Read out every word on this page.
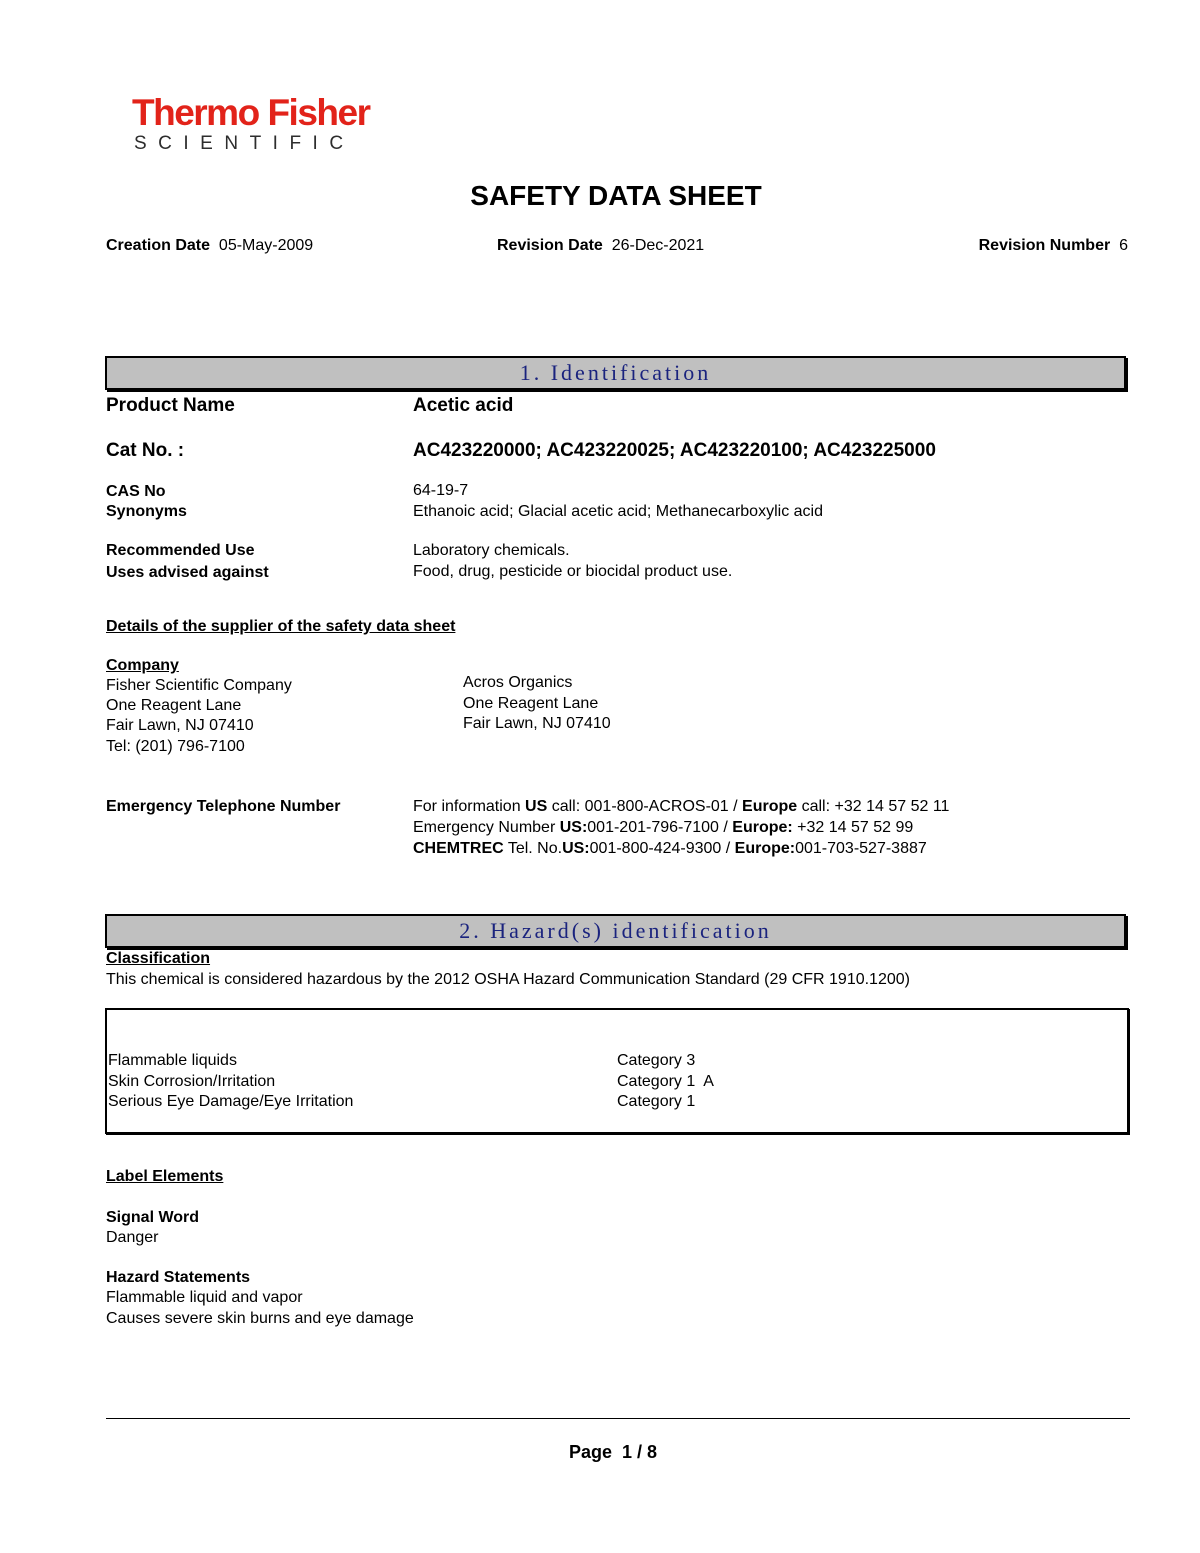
Thermo Fisher
SCIENTIFIC
SAFETY DATA SHEET
Creation Date 05-May-2009	Revision Date 26-Dec-2021	Revision Number 6
1. Identification
Product Name	Acetic acid
Cat No. :	AC423220000; AC423220025; AC423220100; AC423225000
CAS No	64-19-7
Synonyms	Ethanoic acid; Glacial acetic acid; Methanecarboxylic acid
Recommended Use	Laboratory chemicals.
Uses advised against	Food, drug, pesticide or biocidal product use.
Details of the supplier of the safety data sheet
Company
Fisher Scientific Company
One Reagent Lane
Fair Lawn, NJ 07410
Tel: (201) 796-7100
Acros Organics
One Reagent Lane
Fair Lawn, NJ 07410
Emergency Telephone Number	For information US call: 001-800-ACROS-01 / Europe call: +32 14 57 52 11
Emergency Number US:001-201-796-7100 / Europe: +32 14 57 52 99
CHEMTREC Tel. No.US:001-800-424-9300 / Europe:001-703-527-3887
2. Hazard(s) identification
Classification
This chemical is considered hazardous by the 2012 OSHA Hazard Communication Standard (29 CFR 1910.1200)
Flammable liquids	Category 3
Skin Corrosion/Irritation	Category 1  A
Serious Eye Damage/Eye Irritation	Category 1
Label Elements
Signal Word
Danger
Hazard Statements
Flammable liquid and vapor
Causes severe skin burns and eye damage
Page  1 / 8
